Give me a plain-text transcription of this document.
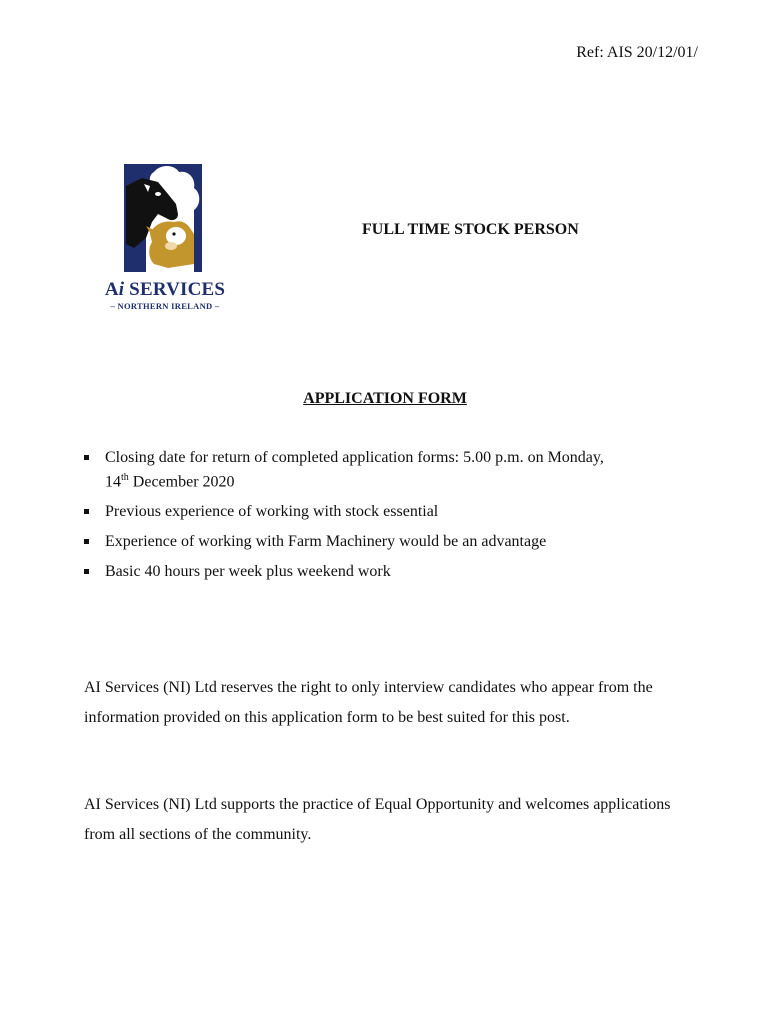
Ref: AIS 20/12/01/
Ai SERVICES
– NORTHERN IRELAND –
FULL TIME STOCK PERSON
APPLICATION FORM
Closing date for return of completed application forms: 5.00 p.m. on Monday,
14th December 2020
Previous experience of working with stock essential
Experience of working with Farm Machinery would be an advantage
Basic 40 hours per week plus weekend work

AI Services (NI) Ltd reserves the right to only interview candidates who appear from the information provided on this application form to be best suited for this post.

AI Services (NI) Ltd supports the practice of Equal Opportunity and welcomes applications from all sections of the community.
